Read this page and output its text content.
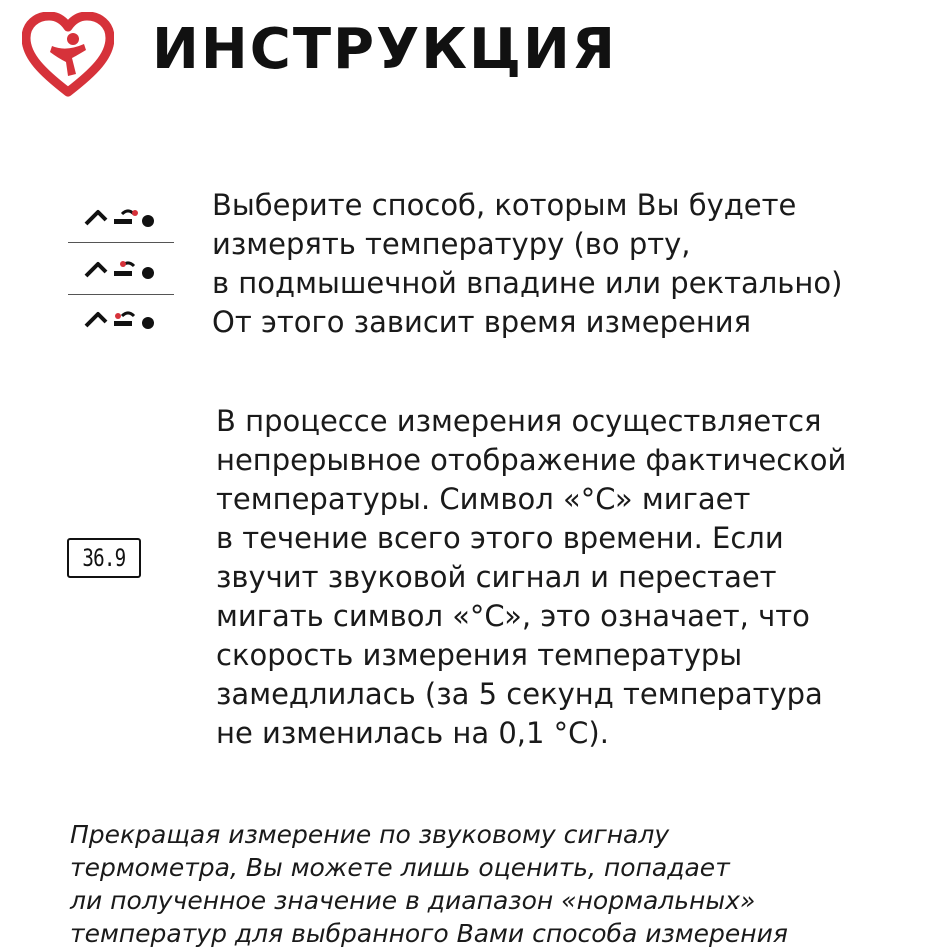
ИНСТРУКЦИЯ
Выберите способ, которым Вы будете
измерять температуру (во рту,
в подмышечной впадине или ректально)
От этого зависит время измерения
36.9
В процессе измерения осуществляется
непрерывное отображение фактической
температуры. Символ «°C» мигает
в течение всего этого времени. Если
звучит звуковой сигнал и перестает
мигать символ «°C», это означает, что
скорость измерения температуры
замедлилась (за 5 секунд температура
не изменилась на 0,1 °C).
Прекращая измерение по звуковому сигналу
термометра, Вы можете лишь оценить, попадает
ли полученное значение в диапазон «нормальных»
температур для выбранного Вами способа измерения
